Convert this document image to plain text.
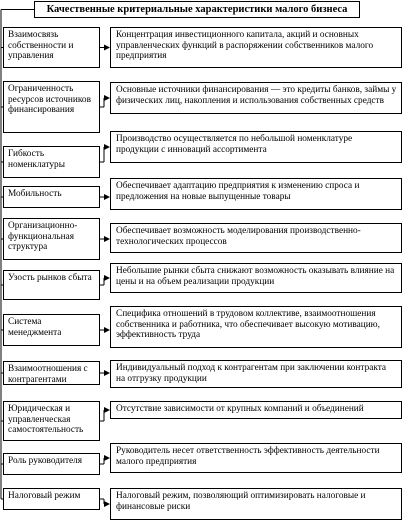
Качественные критериальные характеристики малого бизнеса
Взаимосвязь собственности и управления
Концентрация инвестиционного капитала, акций и основных управленческих функций в распоряжении собственников малого предприятия
Ограниченность ресурсов источников финансирования
Основные источники финансирования — это кредиты банков, займы у физических лиц, накопления и использования собственных средств
Гибкость номенклатуры
Производство осуществляется по небольшой номенклатуре продукции с инноваций ассортимента
Мобильность
Обеспечивает адаптацию предприятия к изменению спроса и предложения на новые выпущенные товары
Организационно-функциональная структура
Обеспечивает возможность моделирования производственно-технологических процессов
Узость рынков сбыта
Небольшие рынки сбыта снижают возможность оказывать влияние на цены и на объем реализации продукции
Система менеджмента
Специфика отношений в трудовом коллективе, взаимоотношения собственника и работника, что обеспечивает высокую мотивацию, эффективность труда
Взаимоотношения с контрагентами
Индивидуальный подход к контрагентам при заключении контракта на отгрузку продукции
Юридическая и управленческая самостоятельность
Отсутствие зависимости от крупных компаний и объединений
Роль руководителя
Руководитель несет ответственность эффективность деятельности малого предприятия
Налоговый режим	Налоговый режим, позволяющий оптимизировать налоговые и финансовые риски
